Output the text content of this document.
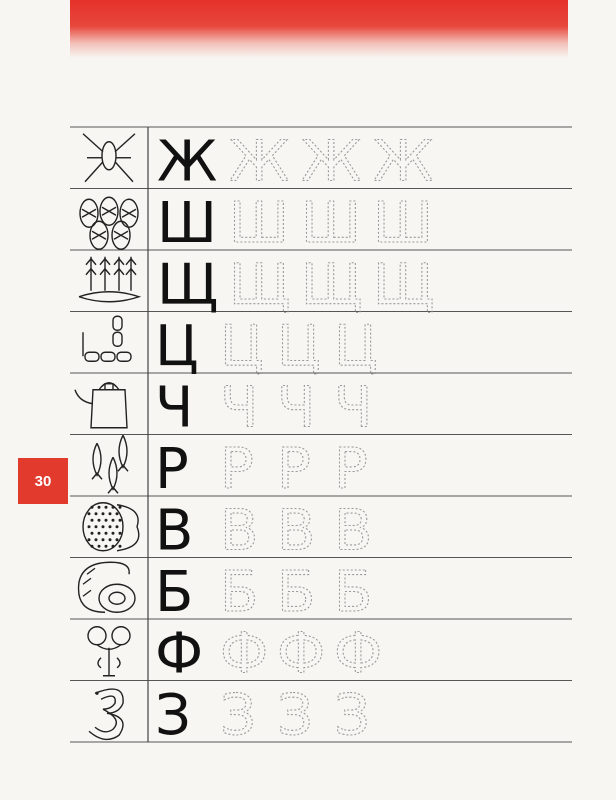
30
Ж Ж Ж Ж
Ш Ш Ш Ш
Щ Щ Щ Щ
Ц Ц Ц Ц
Ч Ч Ч Ч
Р Р Р Р
В В В В
Б Б Б Б
Ф Ф Ф Ф
З З З З
